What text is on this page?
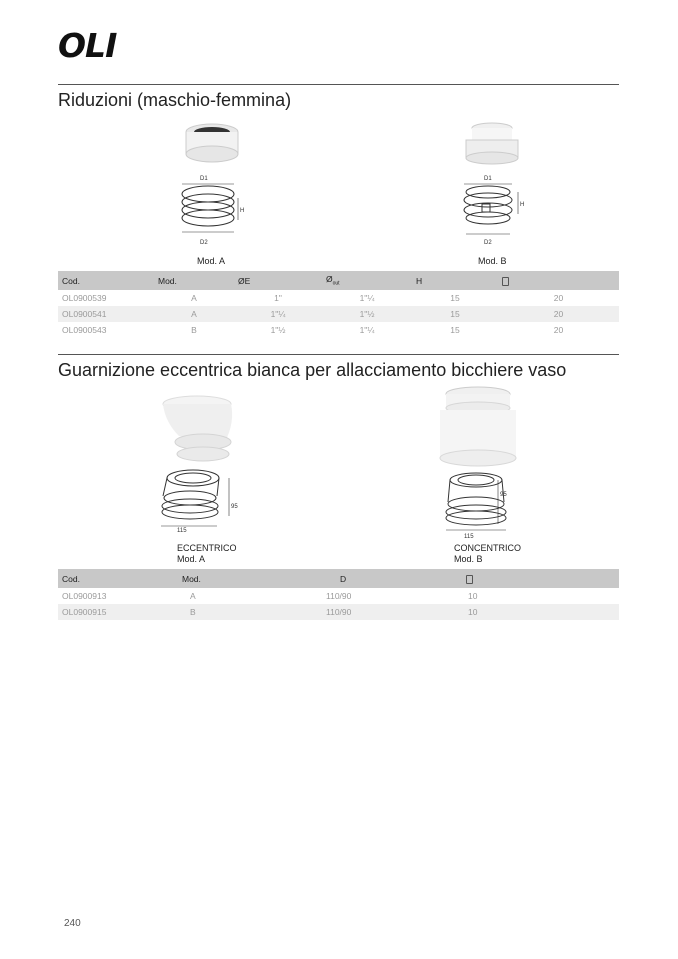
OLI
Riduzioni (maschio-femmina)
D1
D2
H
Mod. A
D1
D2
H
Mod. B
Cod.	Mod.	ØE	$Ø_{out}$	H	
OL0900539	A	1"	1"¼	15	20
OL0900541	A	1"¼	1"½	15	20
OL0900543	B	1"½	1"¼	15	20
Guarnizione eccentrica bianca per allacciamento bicchiere vaso
115
95
ECCENTRICO
Mod. A
115
95
CONCENTRICO
Mod. B
Cod.	Mod.	D	
OL0900913	A	110/90	10
OL0900915	B	110/90	10
240
